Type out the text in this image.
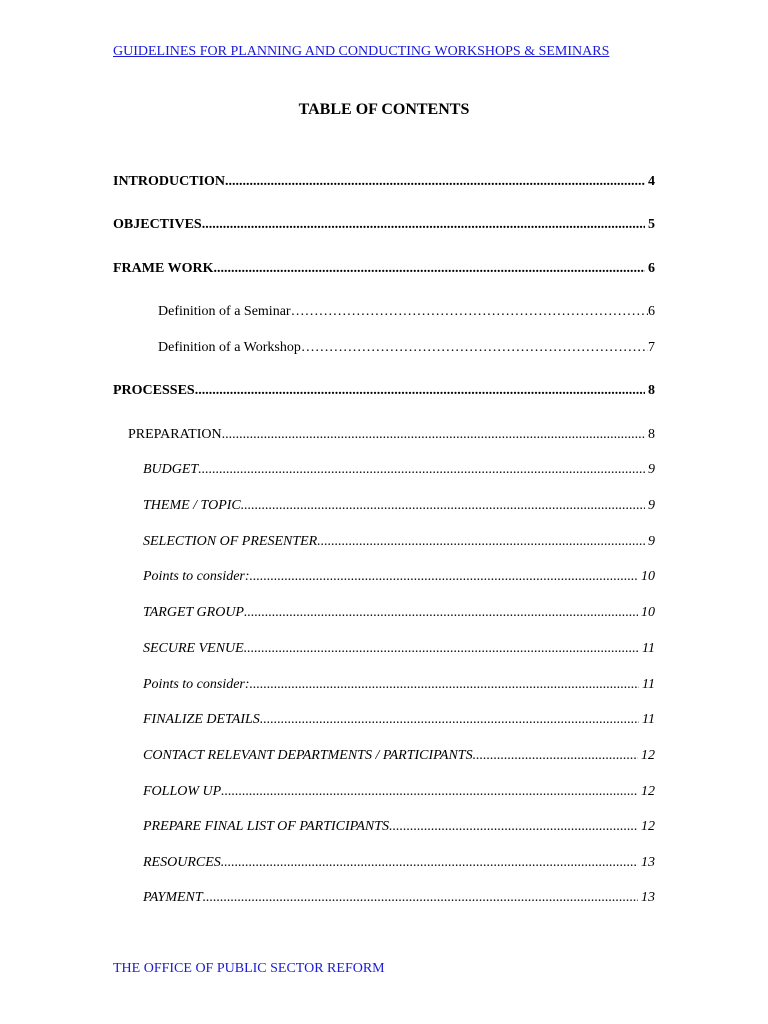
GUIDELINES FOR PLANNING AND CONDUCTING WORKSHOPS & SEMINARS
TABLE OF CONTENTS
INTRODUCTION .....	4
OBJECTIVES .....	5
FRAME WORK .....	6
Definition of a Seminar ………………………………………………………………………………………………………………………………………………………………………………………………	6
Definition of a Workshop ………………………………………………………………………………………………………………………………………………………………………………………………	7
PROCESSES .....	8
PREPARATION .....	8
BUDGET .....	9
THEME / TOPIC .....	9
SELECTION OF PRESENTER .....	9
Points to consider: .....	10
TARGET GROUP .....	10
SECURE VENUE .....	11
Points to consider: .....	11
FINALIZE DETAILS .....	11
CONTACT RELEVANT DEPARTMENTS / PARTICIPANTS .....	12
FOLLOW UP .....	12
PREPARE FINAL LIST OF PARTICIPANTS .....	12
RESOURCES .....	13
PAYMENT .....	13
THE OFFICE OF PUBLIC SECTOR REFORM
